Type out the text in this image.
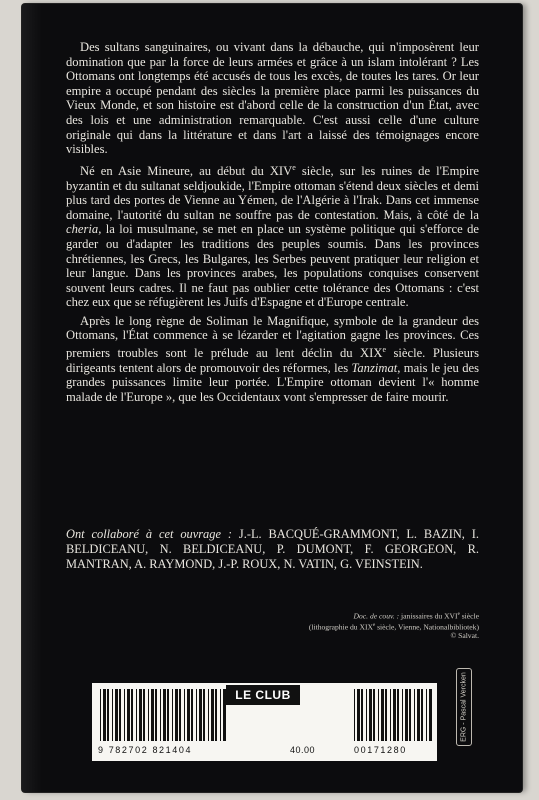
Des sultans sanguinaires, ou vivant dans la débauche, qui n'imposèrent leur domination que par la force de leurs armées et grâce à un islam intolérant ? Les Ottomans ont longtemps été accusés de tous les excès, de toutes les tares. Or leur empire a occupé pendant des siècles la première place parmi les puissances du Vieux Monde, et son histoire est d'abord celle de la construction d'un État, avec des lois et une administration remarquable. C'est aussi celle d'une culture originale qui dans la littérature et dans l'art a laissé des témoignages encore visibles.

Né en Asie Mineure, au début du XIVe siècle, sur les ruines de l'Empire byzantin et du sultanat seldjoukide, l'Empire ottoman s'étend deux siècles et demi plus tard des portes de Vienne au Yémen, de l'Algérie à l'Irak. Dans cet immense domaine, l'autorité du sultan ne souffre pas de contestation. Mais, à côté de la cheria, la loi musulmane, se met en place un système politique qui s'efforce de garder ou d'adapter les traditions des peuples soumis. Dans les provinces chrétiennes, les Grecs, les Bulgares, les Serbes peuvent pratiquer leur religion et leur langue. Dans les provinces arabes, les populations conquises conservent souvent leurs cadres. Il ne faut pas oublier cette tolérance des Ottomans : c'est chez eux que se réfugièrent les Juifs d'Espagne et d'Europe centrale.

Après le long règne de Soliman le Magnifique, symbole de la grandeur des Ottomans, l'État commence à se lézarder et l'agitation gagne les provinces. Ces premiers troubles sont le prélude au lent déclin du XIXe siècle. Plusieurs dirigeants tentent alors de promouvoir des réformes, les Tanzimat, mais le jeu des grandes puissances limite leur portée. L'Empire ottoman devient l'« homme malade de l'Europe », que les Occidentaux vont s'empresser de faire mourir.

Ont collaboré à cet ouvrage : J.-L. BACQUÉ-GRAMMONT, L. BAZIN, I. BELDICEANU, N. BELDICEANU, P. DUMONT, F. GEORGEON, R. MANTRAN, A. RAYMOND, J.-P. ROUX, N. VATIN, G. VEINSTEIN.
Doc. de couv. : janissaires du XVIe siècle
(lithographie du XIXe siècle, Vienne, Nationalbibliotek)
© Salvat.
ERG - Pascal Vercken
LE CLUB
9 782702 821404	40.00	00171280
